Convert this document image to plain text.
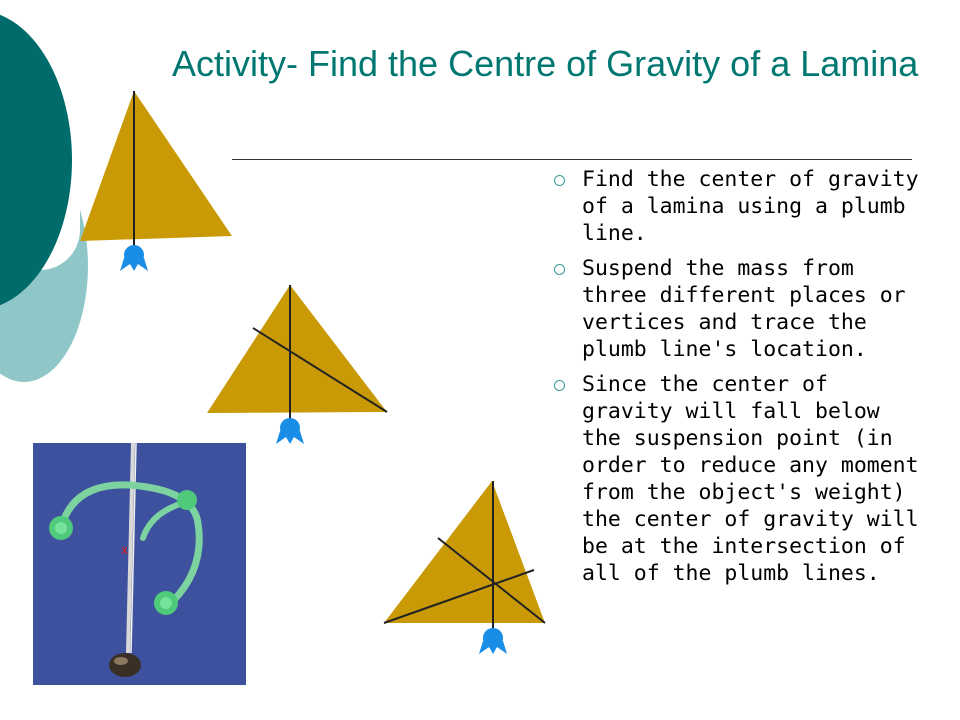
Activity- Find the Centre of Gravity of a Lamina
Find the center of gravity of a lamina using a plumb line.
Suspend the mass from three different places or vertices and trace the plumb line's location.
Since the center of gravity will fall below the suspension point (in order to reduce any moment from the object's weight) the center of gravity will be at the intersection of all of the plumb lines.
x
